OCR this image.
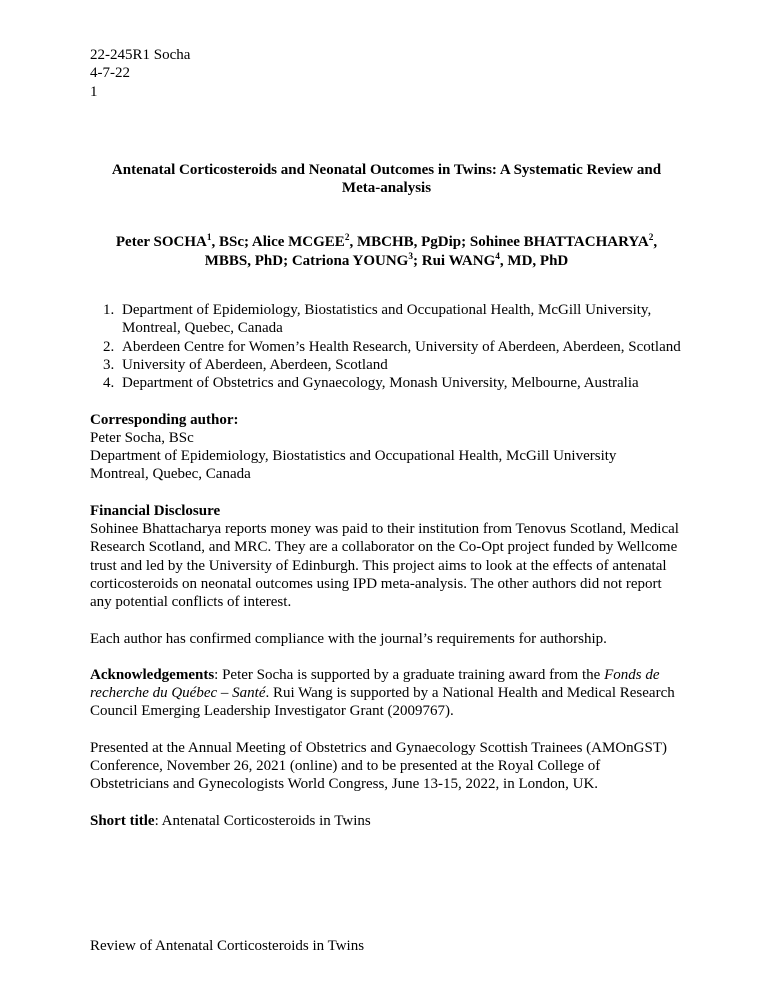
22-245R1 Socha
4-7-22
1
Antenatal Corticosteroids and Neonatal Outcomes in Twins: A Systematic Review and Meta-analysis

Peter SOCHA$^1$, BSc; Alice MCGEE$^2$, MBCHB, PgDip; Sohinee BHATTACHARYA$^2$, MBBS, PhD; Catriona YOUNG$^3$; Rui WANG$^4$, MD, PhD

1. Department of Epidemiology, Biostatistics and Occupational Health, McGill University, Montreal, Quebec, Canada
2. Aberdeen Centre for Women’s Health Research, University of Aberdeen, Aberdeen, Scotland
3. University of Aberdeen, Aberdeen, Scotland
4. Department of Obstetrics and Gynaecology, Monash University, Melbourne, Australia
Corresponding author:
Peter Socha, BSc
Department of Epidemiology, Biostatistics and Occupational Health, McGill University
Montreal, Quebec, Canada
Financial Disclosure
Sohinee Bhattacharya reports money was paid to their institution from Tenovus Scotland, Medical Research Scotland, and MRC. They are a collaborator on the Co-Opt project funded by Wellcome trust and led by the University of Edinburgh. This project aims to look at the effects of antenatal corticosteroids on neonatal outcomes using IPD meta-analysis. The other authors did not report any potential conflicts of interest.

Each author has confirmed compliance with the journal’s requirements for authorship.

Acknowledgements: Peter Socha is supported by a graduate training award from the Fonds de recherche du Québec – Santé. Rui Wang is supported by a National Health and Medical Research Council Emerging Leadership Investigator Grant (2009767).

Presented at the Annual Meeting of Obstetrics and Gynaecology Scottish Trainees (AMOnGST) Conference, November 26, 2021 (online) and to be presented at the Royal College of Obstetricians and Gynecologists World Congress, June 13-15, 2022, in London, UK.

Short title: Antenatal Corticosteroids in Twins

Review of Antenatal Corticosteroids in Twins
